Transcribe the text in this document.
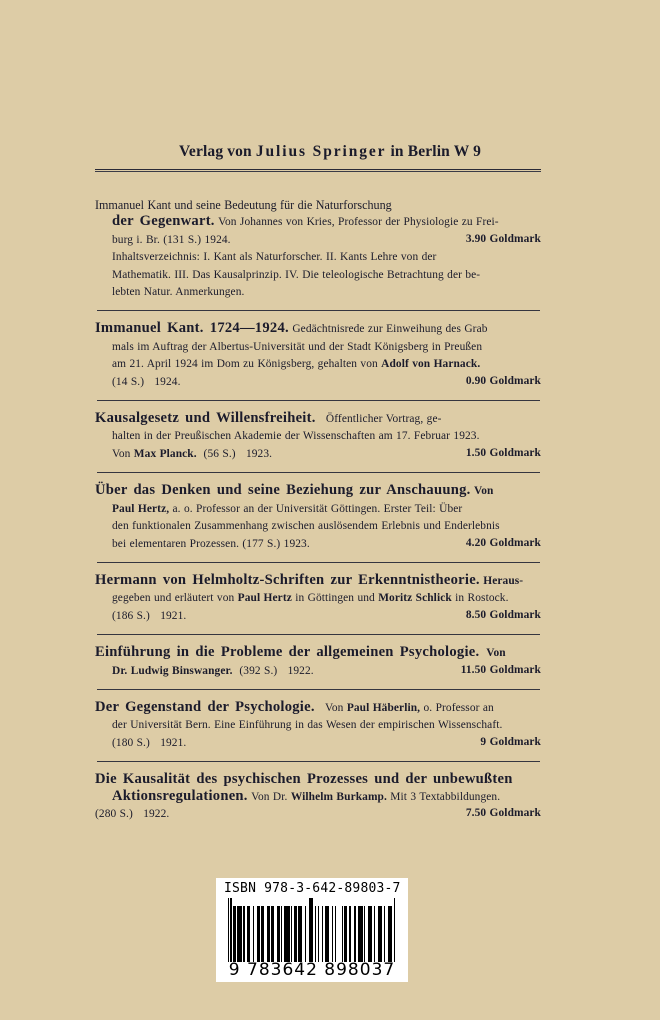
Verlag von Julius Springer in Berlin W 9
Immanuel Kant und seine Bedeutung für die Naturforschung
der Gegenwart. Von Johannes von Kries, Professor der Physiologie zu Frei-
burg i. Br. (131 S.) 1924.	3.90 Goldmark
Inhaltsverzeichnis: I. Kant als Naturforscher. II. Kants Lehre von der
Mathematik. III. Das Kausalprinzip. IV. Die teleologische Betrachtung der be-
lebten Natur. Anmerkungen.
Immanuel Kant. 1724—1924. Gedächtnisrede zur Einweihung des Grab
mals im Auftrag der Albertus-Universität und der Stadt Königsberg in Preußen
am 21. April 1924 im Dom zu Königsberg, gehalten von Adolf von Harnack.
(14 S.) 1924.	0.90 Goldmark
Kausalgesetz und Willensfreiheit. Öffentlicher Vortrag, ge-
halten in der Preußischen Akademie der Wissenschaften am 17. Februar 1923.
Von Max Planck. (56 S.) 1923.	1.50 Goldmark
Über das Denken und seine Beziehung zur Anschauung. Von
Paul Hertz, a. o. Professor an der Universität Göttingen. Erster Teil: Über
den funktionalen Zusammenhang zwischen auslösendem Erlebnis und Enderlebnis
bei elementaren Prozessen. (177 S.) 1923.	4.20 Goldmark
Hermann von Helmholtz-Schriften zur Erkenntnistheorie. Heraus-
gegeben und erläutert von Paul Hertz in Göttingen und Moritz Schlick in Rostock.
(186 S.) 1921.	8.50 Goldmark
Einführung in die Probleme der allgemeinen Psychologie. Von
Dr. Ludwig Binswanger. (392 S.) 1922.	11.50 Goldmark
Der Gegenstand der Psychologie. Von Paul Häberlin, o. Professor an
der Universität Bern. Eine Einführung in das Wesen der empirischen Wissenschaft.
(180 S.) 1921.	9 Goldmark
Die Kausalität des psychischen Prozesses und der unbewußten
Aktionsregulationen. Von Dr. Wilhelm Burkamp. Mit 3 Textabbildungen.
(280 S.) 1922.	7.50 Goldmark
ISBN 978-3-642-89803-7
9 783642 898037
